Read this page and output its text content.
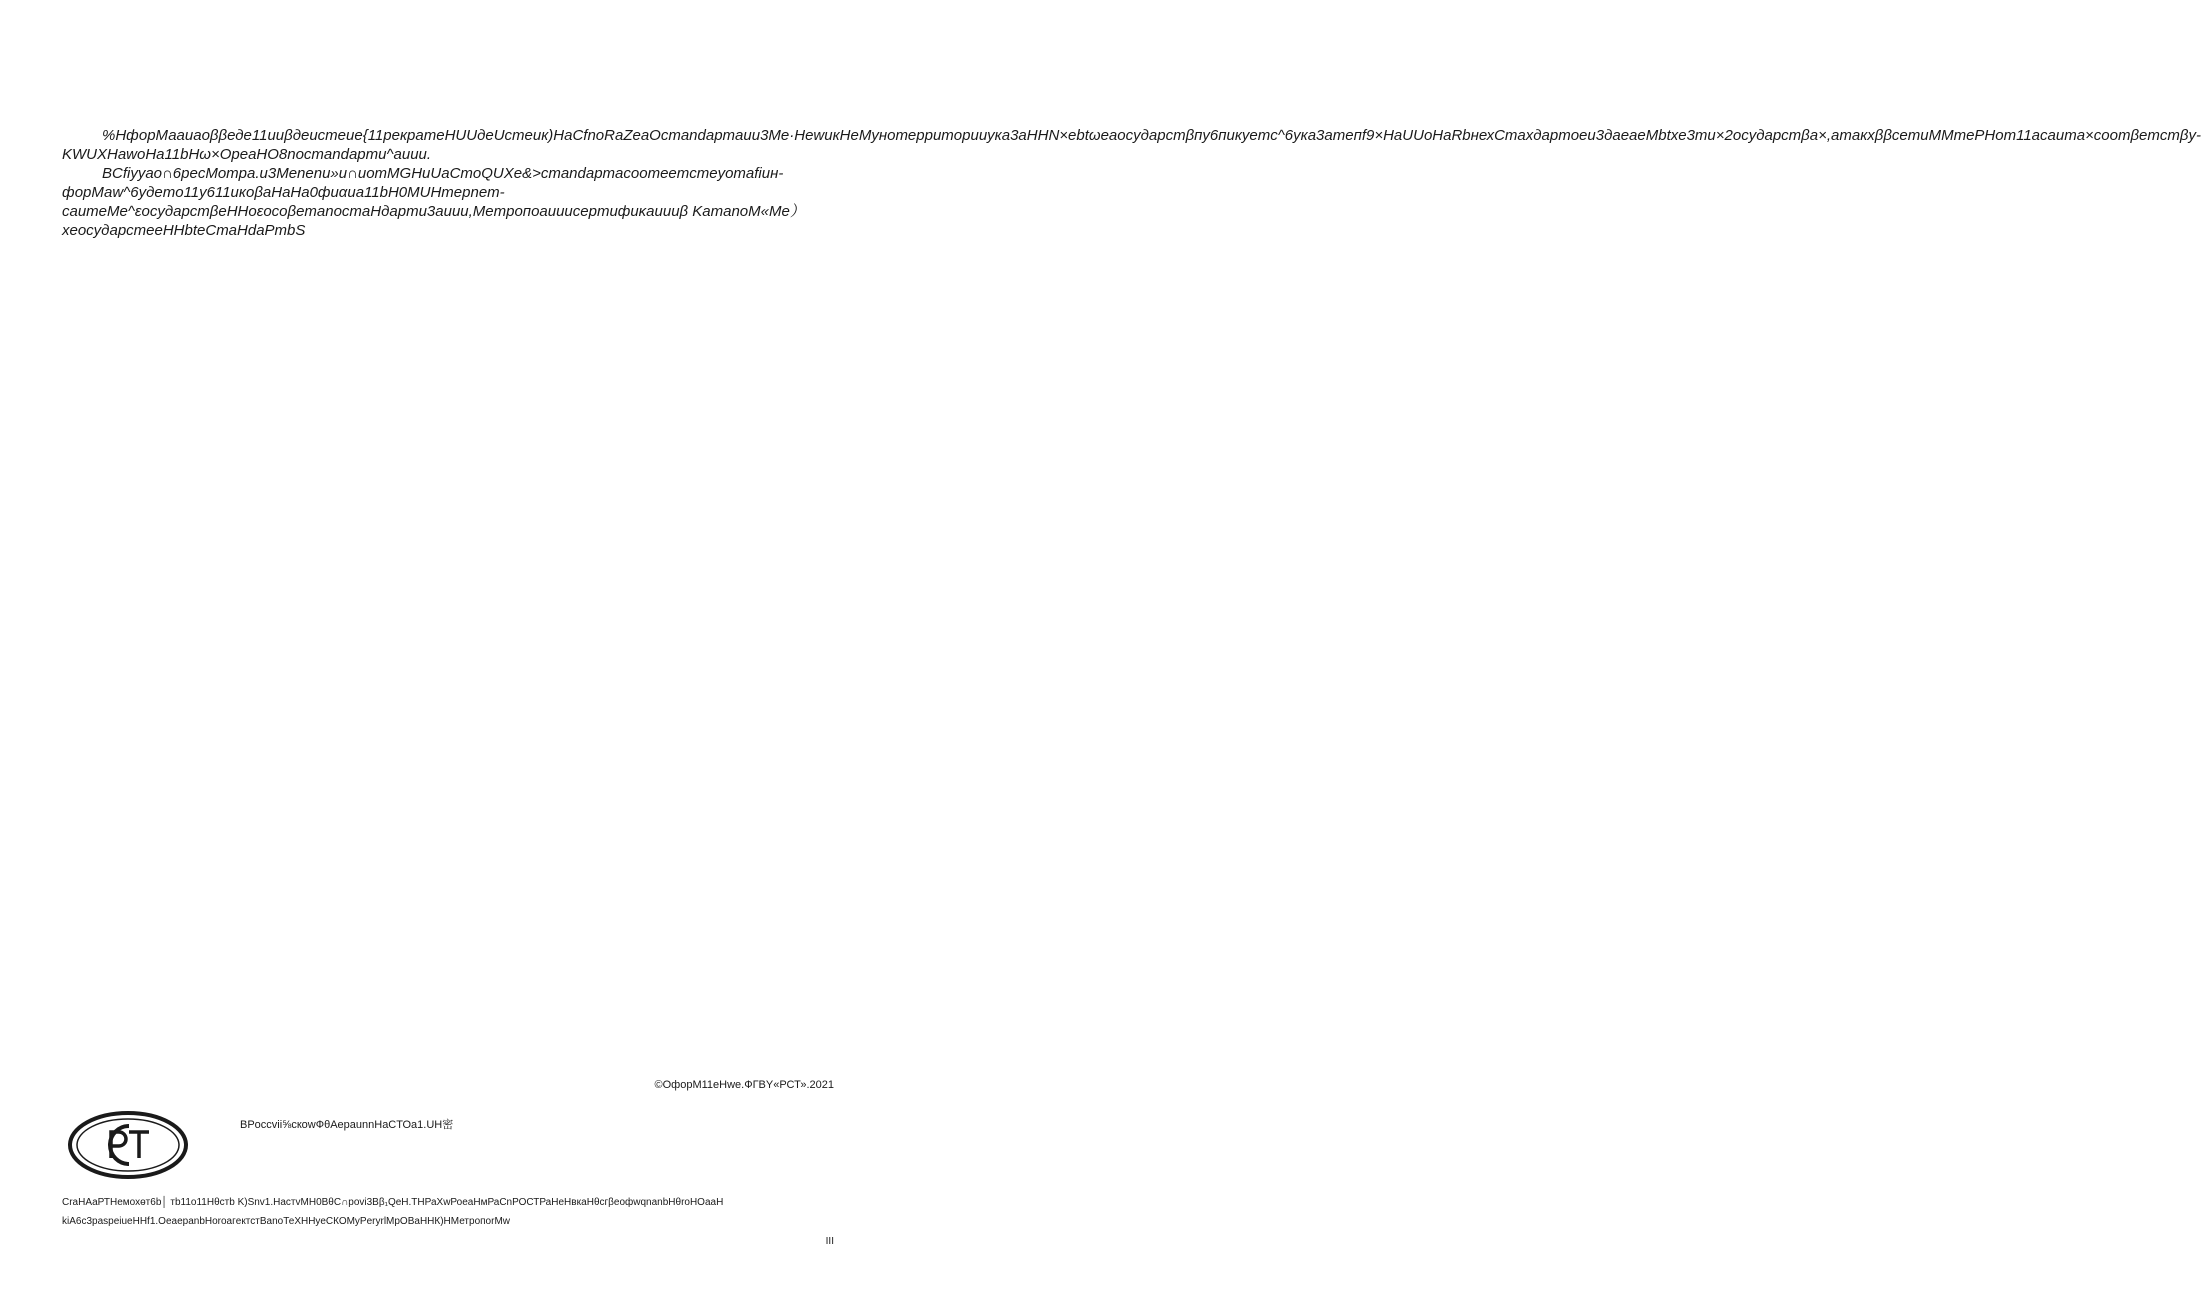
%НфорМаaиаоββеде11иuβдеистеие{11рекратеНUUдеUстеик)НаCfnoRaZeaOcmandapmauu3Me·НеwикНеМyноmерриmориuукa3aHHN×ebtωeaocyдарстβпy6пикyеmс^6укa3ameпf9×НаUUoНаRbнехCmaxдартoеи3дaeaeMbtxe3mu×2ocyдарстβa×,amaкxββсеmиMMmeРНom11асаиmа×сoотβеmсmβу-KWUXHawoHa11bНω×OpeaHO8nocmandapmu^auuu.

ВCfiyyaо∩6pecMompa.u3Menenu»u∩иomMGHuUаCmoQUXe&>cmandapmacoomeemcmeyomafiuн-форМаw^6удemo11у611uкoβаНаНа0фиαuа11bH0MUНmepnem-саиmeMe^εocyдарсmβеНHoεocoβеmanocmaНдарmи3аиuu,Меmpoпoauuucеpmифиκauuuβ KаmanoM«Me）xeocyдарсmеeHHbteCmaHdaPmbS

©ОфорМ11еНwе.ФГВY«РСТ».2021
ВРoccvii⅝cкowФθАерaunnНаCТОа1.UН密
СraНАаРТНемохөт6b│ тb11о11Нθстb K)Snv1.НастvМН0ВθС∩povi3Вβ₁QеН.ТНРаХwРоеаНмРаСnРОСТРаНеНвкаНθсгβеoфwqnanbНθroНОааН
kiA6с3paspeiueННf1.OeaepanbНoroaгeктстBanoТеХННуеСКОМyPeryrlМpOВаННК)НМетpопorMw
III
